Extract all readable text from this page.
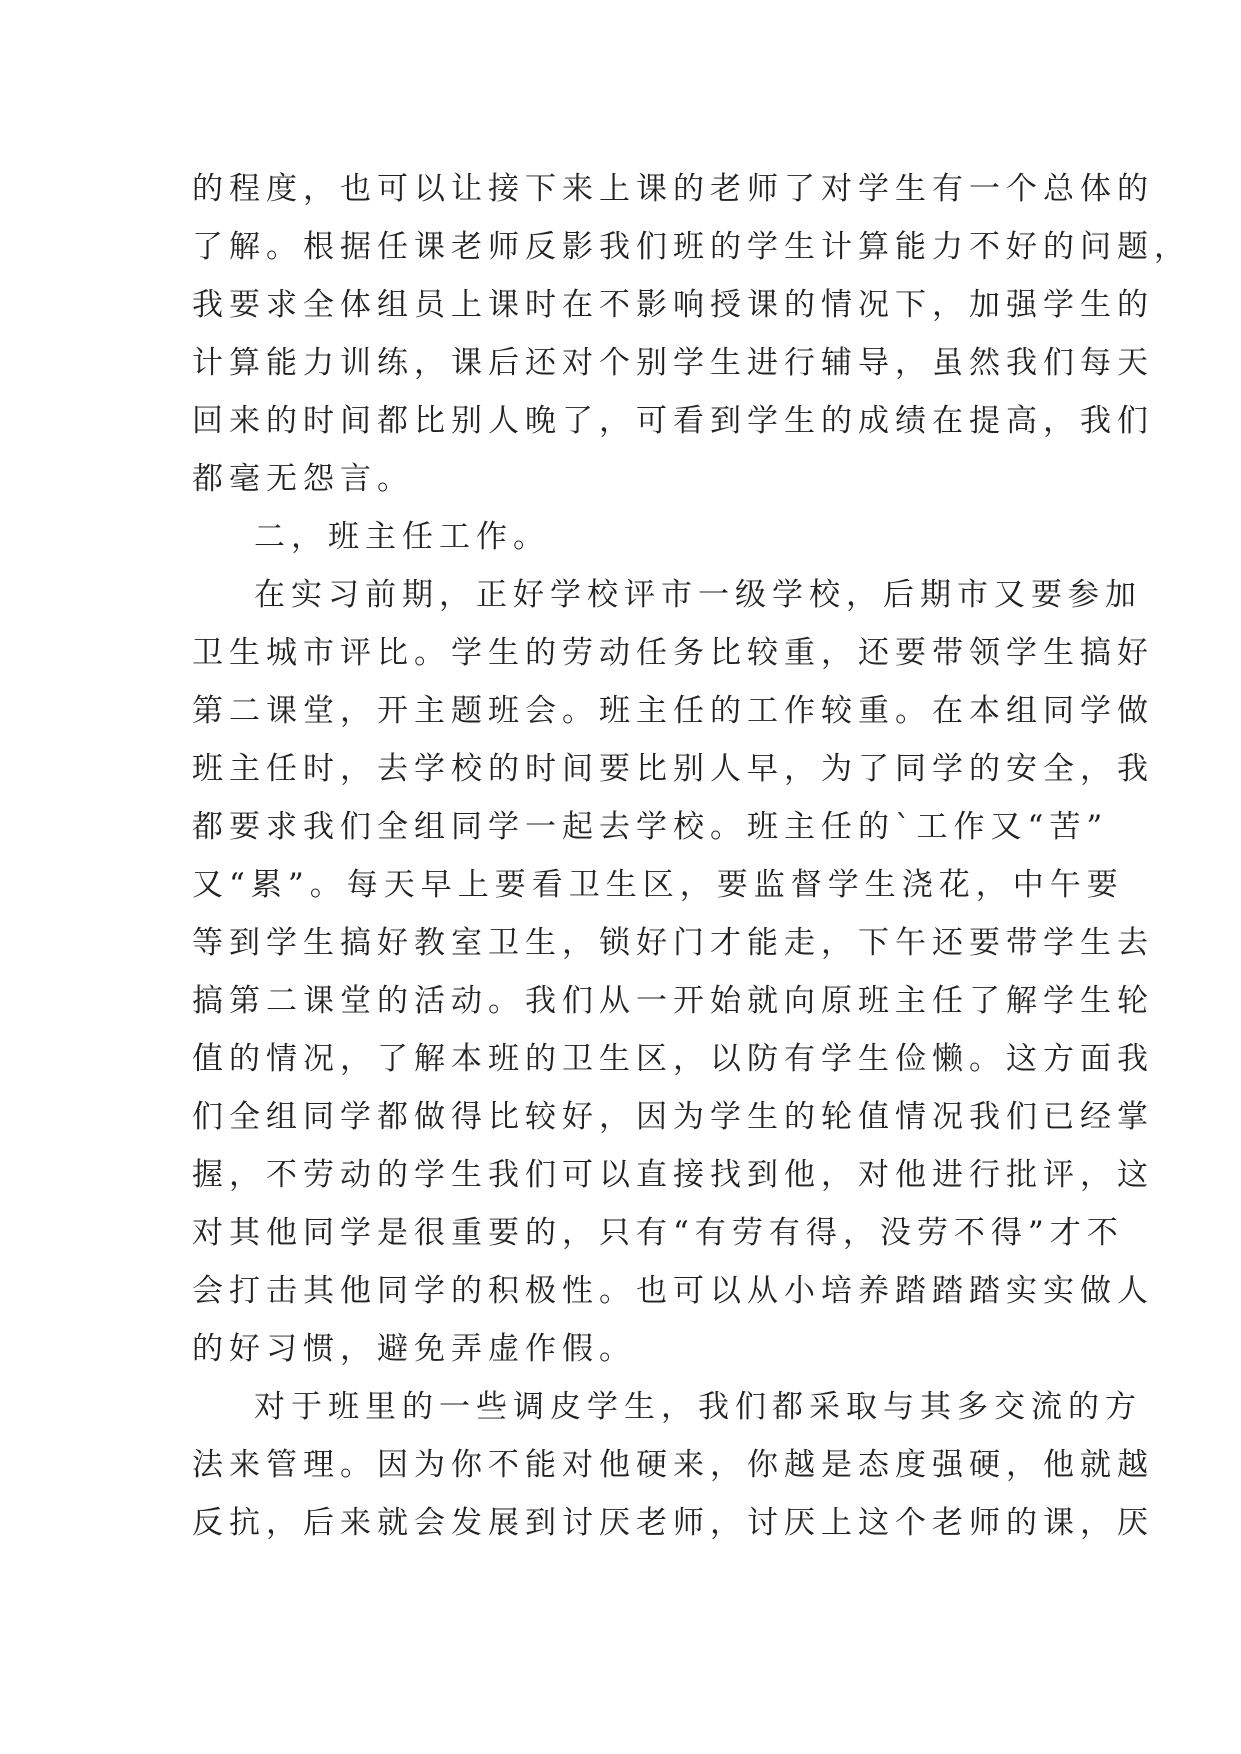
的程度，也可以让接下来上课的老师了对学生有一个总体的
了解。根据任课老师反影我们班的学生计算能力不好的问题，
我要求全体组员上课时在不影响授课的情况下，加强学生的
计算能力训练，课后还对个别学生进行辅导，虽然我们每天
回来的时间都比别人晚了，可看到学生的成绩在提高，我们
都毫无怨言。
二，班主任工作。
在实习前期，正好学校评市一级学校，后期市又要参加
卫生城市评比。学生的劳动任务比较重，还要带领学生搞好
第二课堂，开主题班会。班主任的工作较重。在本组同学做
班主任时，去学校的时间要比别人早，为了同学的安全，我
都要求我们全组同学一起去学校。班主任的`工作又“苦”
又“累”。每天早上要看卫生区，要监督学生浇花，中午要
等到学生搞好教室卫生，锁好门才能走，下午还要带学生去
搞第二课堂的活动。我们从一开始就向原班主任了解学生轮
值的情况，了解本班的卫生区，以防有学生俭懒。这方面我
们全组同学都做得比较好，因为学生的轮值情况我们已经掌
握，不劳动的学生我们可以直接找到他，对他进行批评，这
对其他同学是很重要的，只有“有劳有得，没劳不得”才不
会打击其他同学的积极性。也可以从小培养踏踏踏实实做人
的好习惯，避免弄虚作假。
对于班里的一些调皮学生，我们都采取与其多交流的方
法来管理。因为你不能对他硬来，你越是态度强硬，他就越
反抗，后来就会发展到讨厌老师，讨厌上这个老师的课，厌
